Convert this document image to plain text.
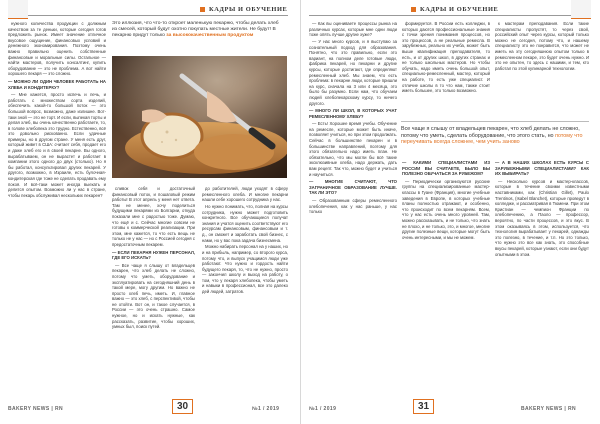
КАДРЫ И ОБУЧЕНИЕ
Это иллюзия, что что-то откроет маленькую пекарню, чтобы делать хлеб из смесей, который будут охотно покупать местные жители. Не будут! В пекарню придут только за высококачественным продуктом

нужного количества продукции с должным качеством за те деньки, которые сегодня готов предложить рынок. Имеет значение отличное вкусовое ощущение, финансовых условий и денежного экономирования. Поэтому очень важно правильно оценить собственные финансовые и моральные силы. Остальное — найти мастеров, получить консалтинг, купить оборудование — это не проблема. А вот найти хорошего пекаря — это сложно.

— МОЖНО ЛИ ОДИН ЧЕЛОВЕК РАБОТАТЬ НА ХЛЕБА И КОНДИТЕРКУ?

— Мне кажется, просто испечь и печь, и работать с множеством сорта изделий, обеспечить какой-то большой поток — это большой вопрос, возможно, даже излишне. Вот-таки зной — это не торт. И если, выпекая торты и делая хлеб, вы очень качественно работаете, то, в голове хлебопека это трудно. Естественно, всё это довольно рискованно. Если удачные примеры, но в другом стране. У меня есть друг, который живет в США: считает себя, продает его и даже хлеб его и в своей пекарне. Вы одного, вырабатываем, он не вырастет и работает в компании этого одного до двух (столько). Но я бы работал, консультировал других пекарей. У другого, возможно, в Израиле, есть булочная-кондитерская где тоже не сделать продавать ему покоя. И всё-таки может иногда выехать и делится опытом. Возможно ли у нас в стране, чтобы пекарь обслуживал нескольких пекарен?

сливок себя и достаточный финансовый поток, и пошаговый режим работы! В этот апрель у меня нет ответа. Там не менее, хочу поделиться будущими пекарями из Болгарии, откуда показали мне с радостью тоже. Думаю, что ещё и с. Сейчас многие совсем не готовы к коммерческой реализации. При этом, мне кажется, то что есть вещь не только не у нас — но с Россией сегодня с предостаточным пекарем.

— ЕСЛИ ПЕКАРНЯ НУЖЕН ПЕРСОНАЛ, ГДЕ ЕГО ИСКАТЬ?

— Все чаще я слышу от владельцев пекарен, что хлеб делать не сложно, потому что уметь, оборудование и эксплуатировать на сегодняшний день в такой мере, могу другим. Но важно не просто хлеб печь, иметь. И, главное важно — это хлеб, с перспективой, чтобы не отойти. Вот он, и такое случается, в России — это очень страшно. Самое нужное, но и искать нужные, как рассказать, развитие, чтобы хороших, умных был, поиск путей.

до работителей, люди уходят в сферу ремесленного хлеба. И многие пекарни нашли себе хорошего сотрудника у нас.

Но нужно понимать, что, полная на курсы сотрудника, нужно может подготовить конкретного. Все обучающиеся получат знания и учатся оценить соответствуют его ресурсам финансовым, финансовым и т. д., он сможет и заработать свой бизнес, с нами, но у вас пока задача бизнесмена.

Можно набирать персонал на у наших, но и на прибыль, например, со второго курса, потому что, и выпуск учащимся люди уже работают. Что нужно и гордость найти будущего пекаря, то, что не нужно, просто — закончил школу и выход на работу, о том, что у пекаря хлебопека, чтобы уметь и навыки в профессионал, все это далеко дей людей, затратов.

BAKERY NEWS | RN	30	№1 / 2019
КАДРЫ И ОБУЧЕНИЕ

— Как вы оцениваете процессы рынка на различных курсах, которые мне одни люди тоже опять лучше другие хуже?

— У нас много курсов, и я выступаю за сознательный подход для образования. Понятно, что это правильно, если это вариант, на полном деле готовые люди, фабрика пекарей, но пекарни и другие курсы, которые достигают, где определяют ремесленный хлеб. Мы знаем, что есть проблема: в пекарне люди, которые пришли на курс, сначала на 3 или 4 месяца, это было бы разумно. Если нам, что обучаем людей хлебопекарскому курсу, то ничего другого.

— МНОГО ЛИ ШКОЛ, В КОТОРЫХ УЧАТ РЕМЕСЛЕННОМУ ХЛЕБУ?

— Есть! Хорошее время учебы. Обучение на ремесле, которые может быть иначе, позволяет учиться, но при этом продолжать. Сейчас в большинстве пекарен и в большинстве направлений, поэтому для этого обязательно надо иметь план. Не обязательно, что мы могли бы всё такие эксклюзивные хлеба, надо держать, дать вам рецепт. Так что, можно будет и учиться и научиться.

— МНОГИЕ СЧИТАЮТ, ЧТО ЗАГРАНИЧНОЕ ОБРАЗОВАНИЕ ЛУЧШЕ. ТАК ЛИ ЭТО?

— Образованным сферы ремесленного хлебопечения, как у нас раньше, у нас только

формируется. В России есть колледжи, в которых даются профессиональные знания с точки зрения понимания процессов, но это процессов, а не реальные ремесла. В зарубежных, реально их учеба, может быть выше квалификация преподавателя, то есть, и от других школ, в других странах и не только школьных мастеров. Но чтобы обучать, надо иметь очень большой опыт, специально-ремесленный, мастер, который на работе, то есть уже специалист. И отличие школы в то что нам, также стоит иметь большее, это только возможно.

к мастерам преподавания. Если такие специалисты пропустят, то через свой, российский опыт через курсы, который только можно не сегодня, потому что, и нашему специалисту это не понравится, что может не иметь на эту сегодняшнюю опытом только в ремесленном пекаре, это будет очень нужно. И это не опытен, то здесь с нашими, и тем, кто работал по этой кулинарной технологии.

— КАКИМИ СПЕЦИАЛИСТАМИ ИЗ РОССИИ ВЫ СЧИТАЕТЕ, БЫЛО БЫ ПОЛЕЗНО ОБУЧАТЬСЯ ЗА РУБЕЖОМ?

— Периодически организуются русские группы на специализированные мастер-классы в Гуане (Франция), многие учебные заведения в Европе, в которых учебные планы полностью отражают, и особенно, что происходит по всем пекарням. Всем, что у нас есть очень много уровней. Там, можно рассказывать, и не только, что знать не плохо, и не только, это, и многое, многие другие полезные вещи, которые могут быть очень интересными, и мы не можем.

— А В НАШИХ ШКОЛАХ ЕСТЬ КУРСЫ С ЗАРУБЕЖНЫМИ СПЕЦИАЛИСТАМИ? КАК ИХ ВЫБИРАТЬ?

— Несколько курсов и мастер-классов, которые в течение своими известными наставниками, как (Christian Gillet), Paulo Trentinos, (Isabel Blanchet), которые проведут в колледже, и рассматривая в Тюмени. При этом Кристиан — чемпион Франции по хлебопечению, а Паоло — профессор, вероятно, по части процессов, и это вкус. В этом оказываясь в этом, используется, что технология вырабатывает у пекарей, однажды это полезно, в течение, и т.п. Но это только, что нужно это все как знать, это способные вкусы пекарей, которые узнают, если они будут опытными в этом.

№1 / 2019	31	BAKERY NEWS | RN
Все чаще я слышу от владельцев пекарен, что хлеб делать не сложно, потому что уметь, сделать оборудование, что этого стать, но потому что переучивать всегда сложнее, чем учить заново
